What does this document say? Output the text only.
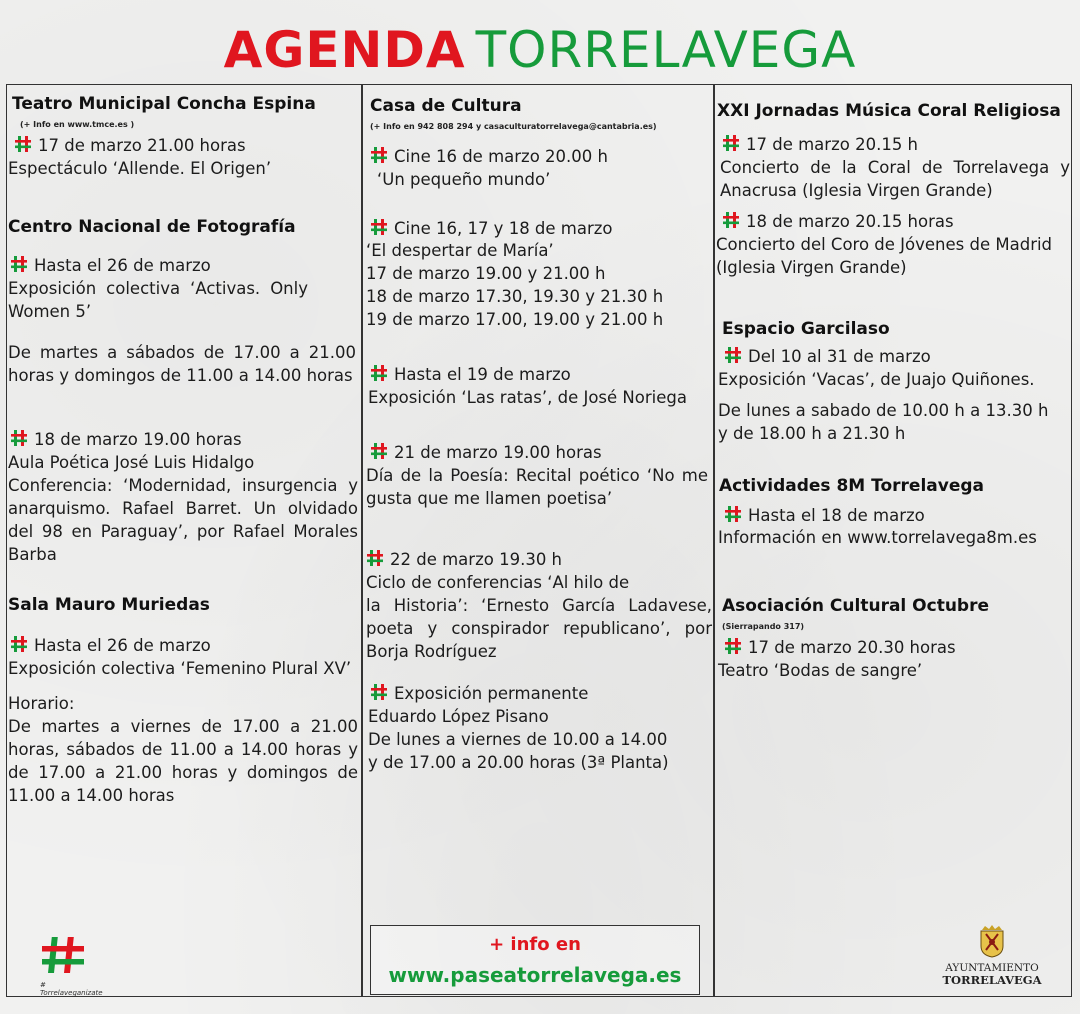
AGENDA TORRELAVEGA
Teatro Municipal Concha Espina
(+ Info en www.tmce.es )
17 de marzo 21.00 horas
Espectáculo ‘Allende. El Origen’
Centro Nacional de Fotografía
Hasta el 26 de marzo
Exposición colectiva ‘Activas. Only Women 5’
De martes a sábados de 17.00 a 21.00 horas y domingos de 11.00 a 14.00 horas
18 de marzo 19.00 horas
Aula Poética José Luis Hidalgo
Conferencia: ‘Modernidad, insurgencia y anarquismo. Rafael Barret. Un olvidado del 98 en Paraguay’, por Rafael Morales Barba
Sala Mauro Muriedas
Hasta el 26 de marzo
Exposición colectiva ‘Femenino Plural XV’
Horario:
De martes a viernes de 17.00 a 21.00 horas, sábados de 11.00 a 14.00 horas y de 17.00 a 21.00 horas y domingos de 11.00 a 14.00 horas
Casa de Cultura
(+ Info en 942 808 294 y casaculturatorrelavega@cantabria.es)
Cine 16 de marzo 20.00 h
‘Un pequeño mundo’
Cine 16, 17 y 18 de marzo
‘El despertar de María’
17 de marzo 19.00 y 21.00 h
18 de marzo 17.30, 19.30 y 21.30 h
19 de marzo 17.00, 19.00 y 21.00 h
Hasta el 19 de marzo
Exposición ‘Las ratas’, de José Noriega
21 de marzo 19.00 horas
Día de la Poesía: Recital poético ‘No me gusta que me llamen poetisa’
22 de marzo 19.30 h
Ciclo de conferencias ‘Al hilo de
la Historia’: ‘Ernesto García Ladavese, poeta y conspirador republicano’, por Borja Rodríguez
Exposición permanente
Eduardo López Pisano
De lunes a viernes de 10.00 a 14.00
y de 17.00 a 20.00 horas (3ª Planta)
+ info en
www.paseatorrelavega.es
XXI Jornadas Música Coral Religiosa
17 de marzo 20.15 h
Concierto de la Coral de Torrelavega y Anacrusa (Iglesia Virgen Grande)
18 de marzo 20.15 horas
Concierto del Coro de Jóvenes de Madrid
(Iglesia Virgen Grande)
Espacio Garcilaso
Del 10 al 31 de marzo
Exposición ‘Vacas’, de Juajo Quiñones.
De lunes a sabado de 10.00 h a 13.30 h
y de 18.00 h a 21.30 h
Actividades 8M Torrelavega
Hasta el 18 de marzo
Información en www.torrelavega8m.es
Asociación Cultural Octubre
(Sierrapando 317)
17 de marzo 20.30 horas
Teatro ‘Bodas de sangre’
# Torrelaveganizate
AYUNTAMIENTO
TORRELAVEGA
